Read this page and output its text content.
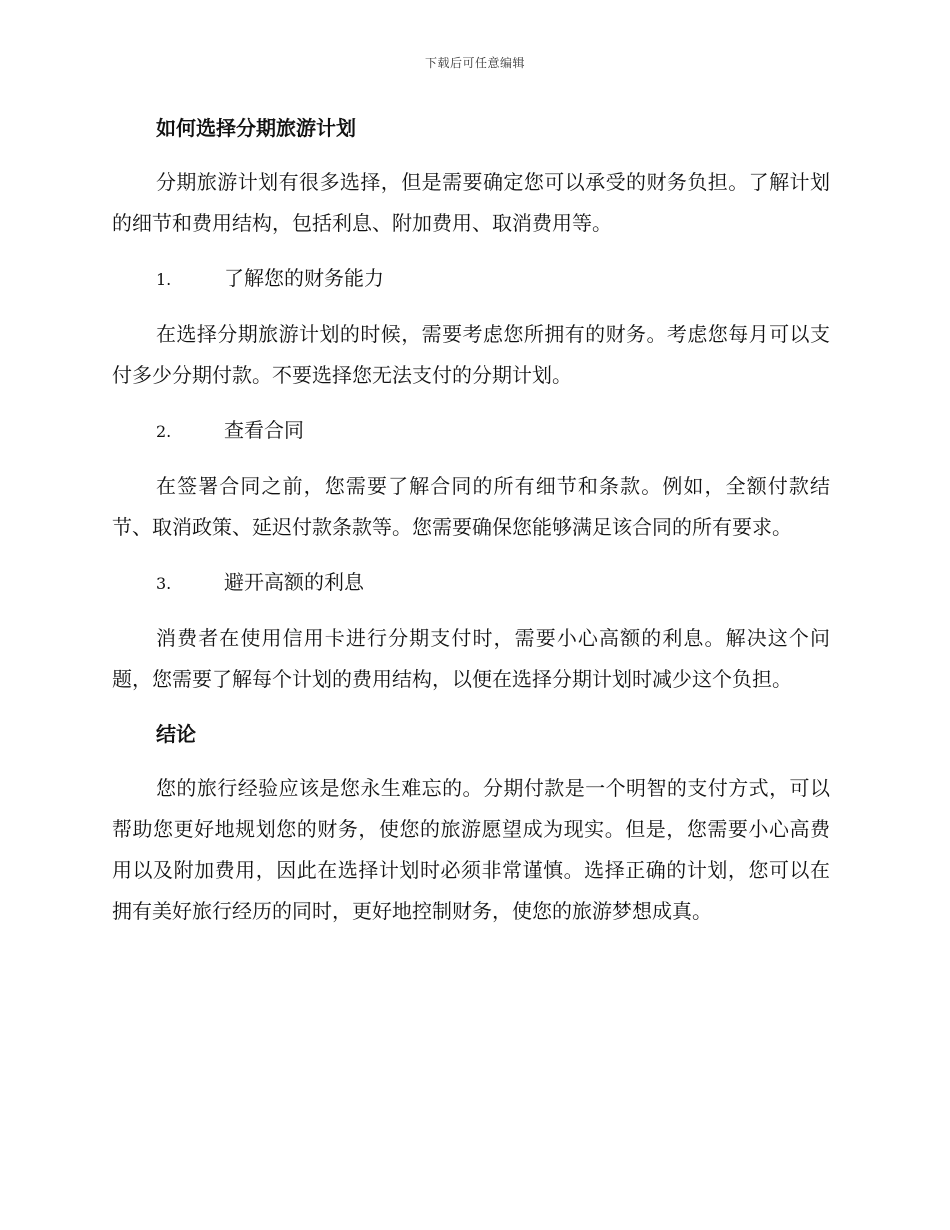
下载后可任意编辑
如何选择分期旅游计划
分期旅游计划有很多选择，但是需要确定您可以承受的财务负担。了解计划的细节和费用结构，包括利息、附加费用、取消费用等。
1.	了解您的财务能力
在选择分期旅游计划的时候，需要考虑您所拥有的财务。考虑您每月可以支付多少分期付款。不要选择您无法支付的分期计划。
2.	查看合同
在签署合同之前，您需要了解合同的所有细节和条款。例如，全额付款结节、取消政策、延迟付款条款等。您需要确保您能够满足该合同的所有要求。
3.	避开高额的利息
消费者在使用信用卡进行分期支付时，需要小心高额的利息。解决这个问题，您需要了解每个计划的费用结构，以便在选择分期计划时减少这个负担。
结论
您的旅行经验应该是您永生难忘的。分期付款是一个明智的支付方式，可以帮助您更好地规划您的财务，使您的旅游愿望成为现实。但是，您需要小心高费用以及附加费用，因此在选择计划时必须非常谨慎。选择正确的计划，您可以在拥有美好旅行经历的同时，更好地控制财务，使您的旅游梦想成真。
